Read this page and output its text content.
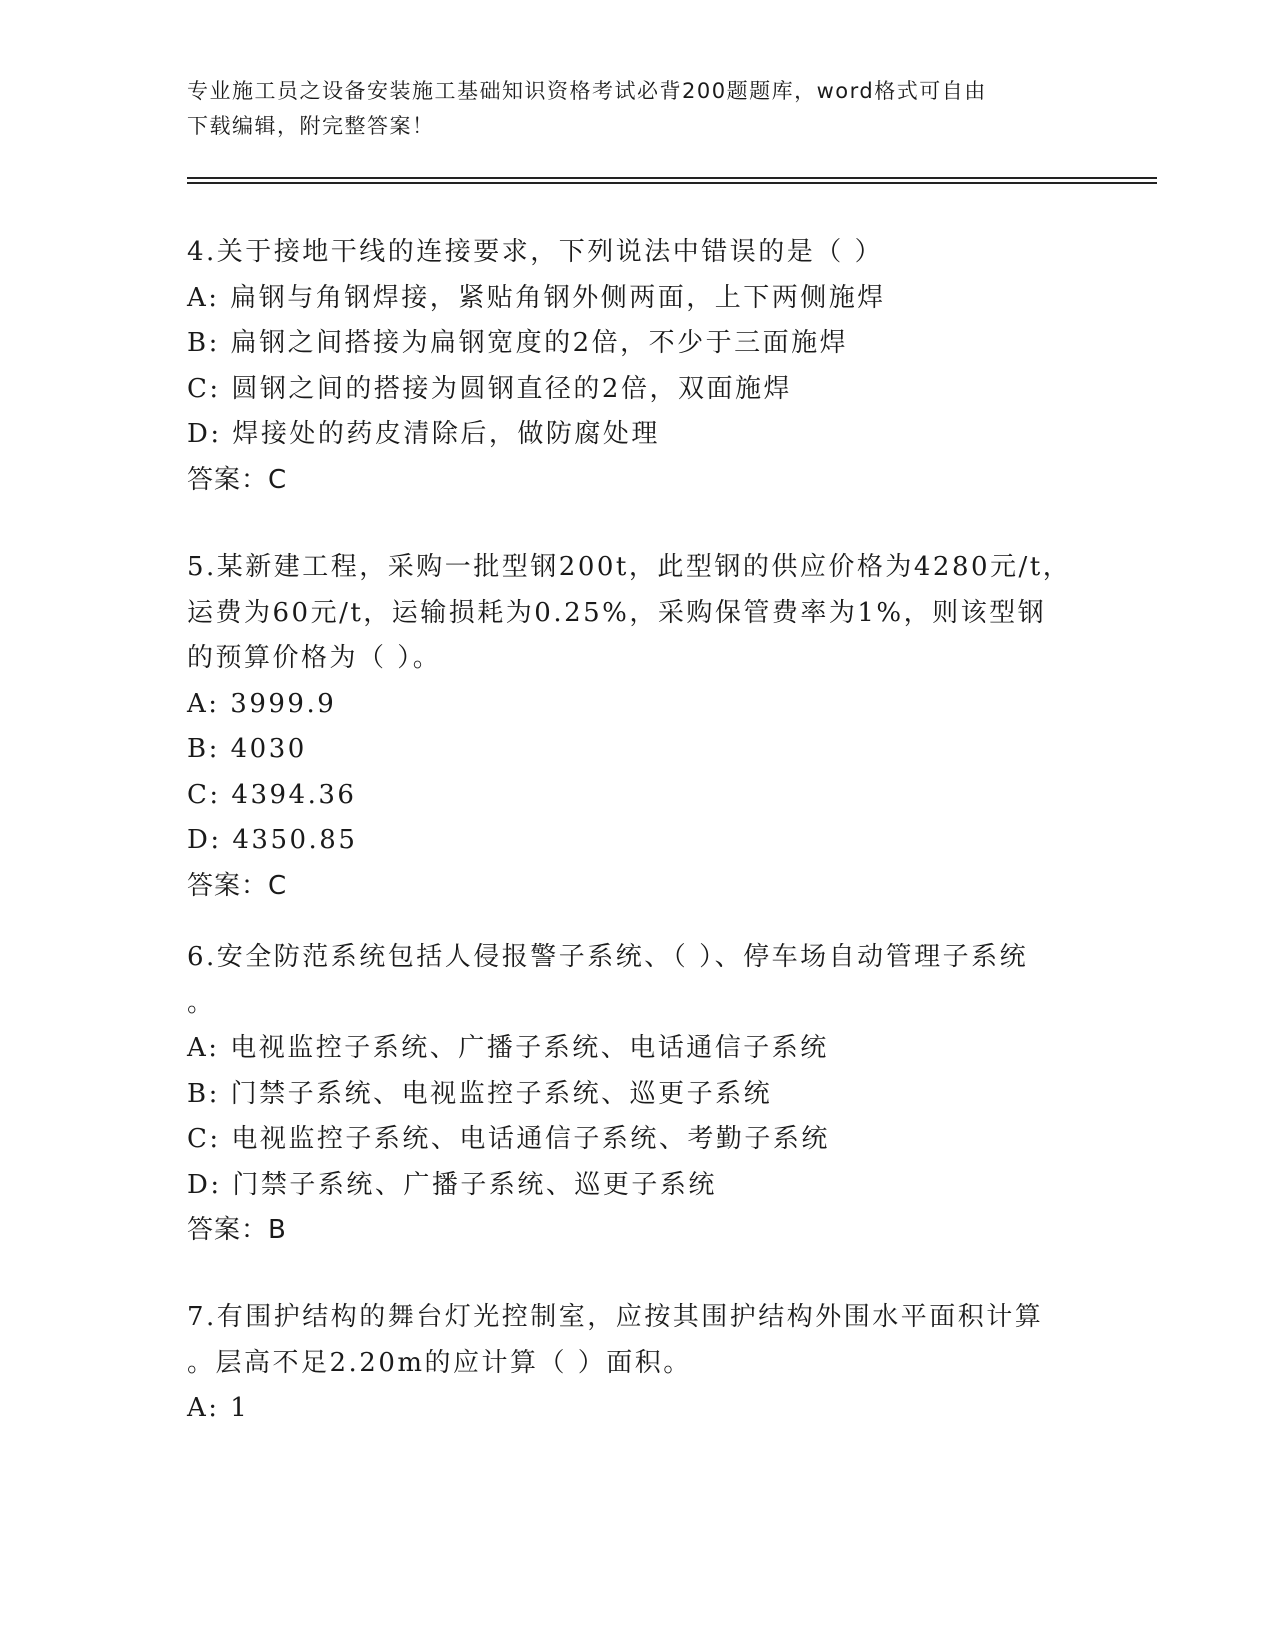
专业施工员之设备安装施工基础知识资格考试必背200题题库，word格式可自由
下载编辑，附完整答案！
4.关于接地干线的连接要求，下列说法中错误的是（ ）
A: 扁钢与角钢焊接，紧贴角钢外侧两面，上下两侧施焊
B: 扁钢之间搭接为扁钢宽度的2倍，不少于三面施焊
C: 圆钢之间的搭接为圆钢直径的2倍，双面施焊
D: 焊接处的药皮清除后，做防腐处理
答案：C
5.某新建工程，采购一批型钢200t，此型钢的供应价格为4280元/t，
运费为60元/t，运输损耗为0.25%，采购保管费率为1%，则该型钢
的预算价格为（ ）。
A: 3999.9
B: 4030
C: 4394.36
D: 4350.85
答案：C
6.安全防范系统包括人侵报警子系统、（ ）、停车场自动管理子系统
。
A: 电视监控子系统、广播子系统、电话通信子系统
B: 门禁子系统、电视监控子系统、巡更子系统
C: 电视监控子系统、电话通信子系统、考勤子系统
D: 门禁子系统、广播子系统、巡更子系统
答案：B
7.有围护结构的舞台灯光控制室，应按其围护结构外围水平面积计算
。层高不足2.20m的应计算（ ）面积。
A: 1
